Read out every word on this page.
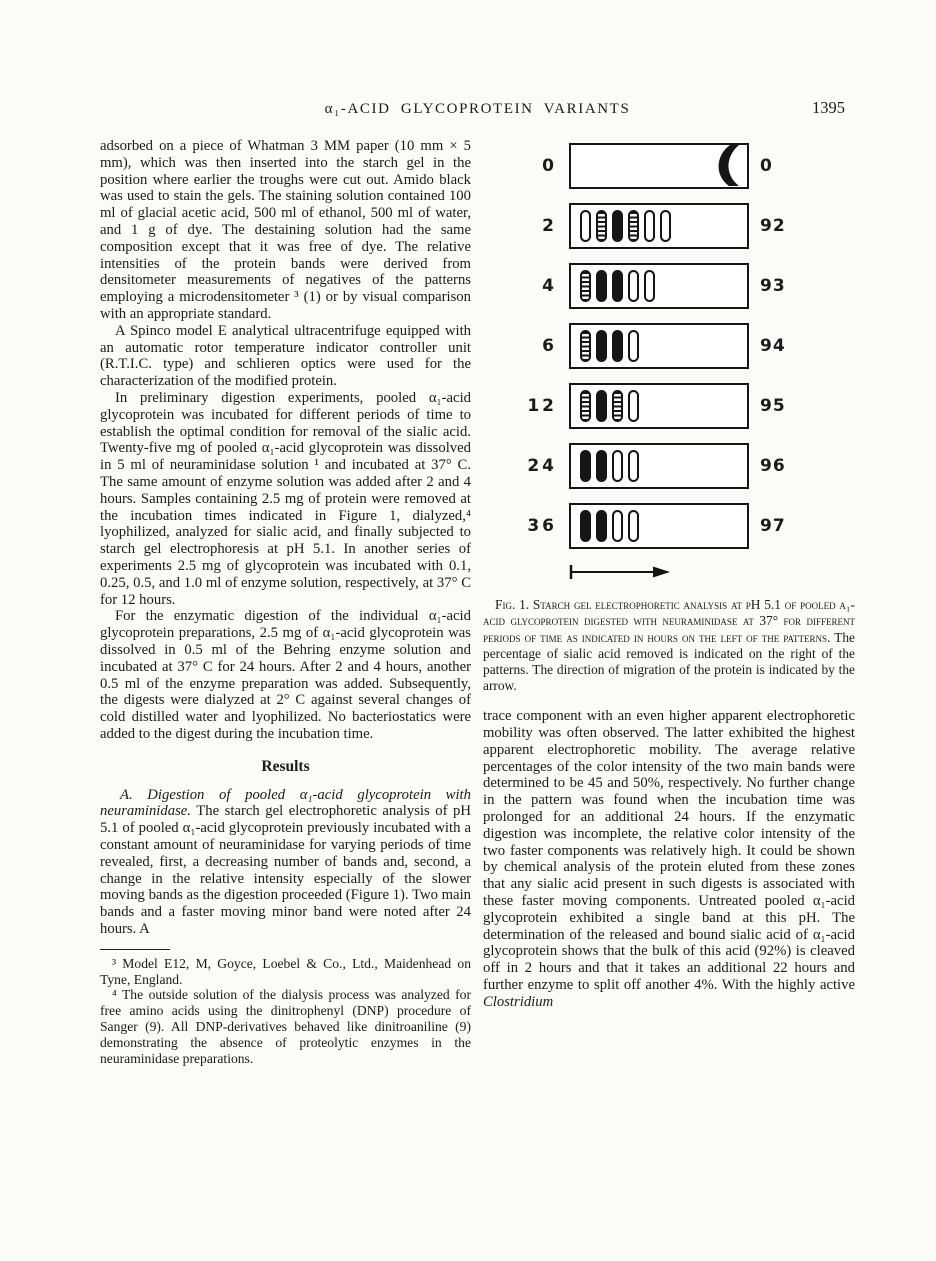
α₁-ACID GLYCOPROTEIN VARIANTS	1395

adsorbed on a piece of Whatman 3 MM paper (10 mm × 5 mm), which was then inserted into the starch gel in the position where earlier the troughs were cut out. Amido black was used to stain the gels. The staining solution contained 100 ml of glacial acetic acid, 500 ml of ethanol, 500 ml of water, and 1 g of dye. The destaining solution had the same composition except that it was free of dye. The relative intensities of the protein bands were derived from densitometer measurements of negatives of the patterns employing a microdensitometer ³ (1) or by visual comparison with an appropriate standard.

A Spinco model E analytical ultracentrifuge equipped with an automatic rotor temperature indicator controller unit (R.T.I.C. type) and schlieren optics were used for the characterization of the modified protein.

In preliminary digestion experiments, pooled α₁-acid glycoprotein was incubated for different periods of time to establish the optimal condition for removal of the sialic acid. Twenty-five mg of pooled α₁-acid glycoprotein was dissolved in 5 ml of neuraminidase solution ¹ and incubated at 37° C. The same amount of enzyme solution was added after 2 and 4 hours. Samples containing 2.5 mg of protein were removed at the incubation times indicated in Figure 1, dialyzed,⁴ lyophilized, analyzed for sialic acid, and finally subjected to starch gel electrophoresis at pH 5.1. In another series of experiments 2.5 mg of glycoprotein was incubated with 0.1, 0.25, 0.5, and 1.0 ml of enzyme solution, respectively, at 37° C for 12 hours.

For the enzymatic digestion of the individual α₁-acid glycoprotein preparations, 2.5 mg of α₁-acid glycoprotein was dissolved in 0.5 ml of the Behring enzyme solution and incubated at 37° C for 24 hours. After 2 and 4 hours, another 0.5 ml of the enzyme preparation was added. Subsequently, the digests were dialyzed at 2° C against several changes of cold distilled water and lyophilized. No bacteriostatics were added to the digest during the incubation time.

Results

A. Digestion of pooled α₁-acid glycoprotein with neuraminidase. The starch gel electrophoretic analysis of pH 5.1 of pooled α₁-acid glycoprotein previously incubated with a constant amount of neuraminidase for varying periods of time revealed, first, a decreasing number of bands and, second, a change in the relative intensity especially of the slower moving bands as the digestion proceeded (Figure 1). Two main bands and a faster moving minor band were noted after 24 hours. A

³ Model E12, M, Goyce, Loebel & Co., Ltd., Maidenhead on Tyne, England.

⁴ The outside solution of the dialysis process was analyzed for free amino acids using the dinitrophenyl (DNP) procedure of Sanger (9). All DNP-derivatives behaved like dinitroaniline (9) demonstrating the absence of proteolytic enzymes in the neuraminidase preparations.

0	0
2	92
4	93
6	94
12	95
24	96
36	97

Fig. 1. Starch gel electrophoretic analysis at pH 5.1 of pooled α₁-acid glycoprotein digested with neuraminidase at 37° for different periods of time as indicated in hours on the left of the patterns. The percentage of sialic acid removed is indicated on the right of the patterns. The direction of migration of the protein is indicated by the arrow.

trace component with an even higher apparent electrophoretic mobility was often observed. The latter exhibited the highest apparent electrophoretic mobility. The average relative percentages of the color intensity of the two main bands were determined to be 45 and 50%, respectively. No further change in the pattern was found when the incubation time was prolonged for an additional 24 hours. If the enzymatic digestion was incomplete, the relative color intensity of the two faster components was relatively high. It could be shown by chemical analysis of the protein eluted from these zones that any sialic acid present in such digests is associated with these faster moving components. Untreated pooled α₁-acid glycoprotein exhibited a single band at this pH. The determination of the released and bound sialic acid of α₁-acid glycoprotein shows that the bulk of this acid (92%) is cleaved off in 2 hours and that it takes an additional 22 hours and further enzyme to split off another 4%. With the highly active Clostridium
